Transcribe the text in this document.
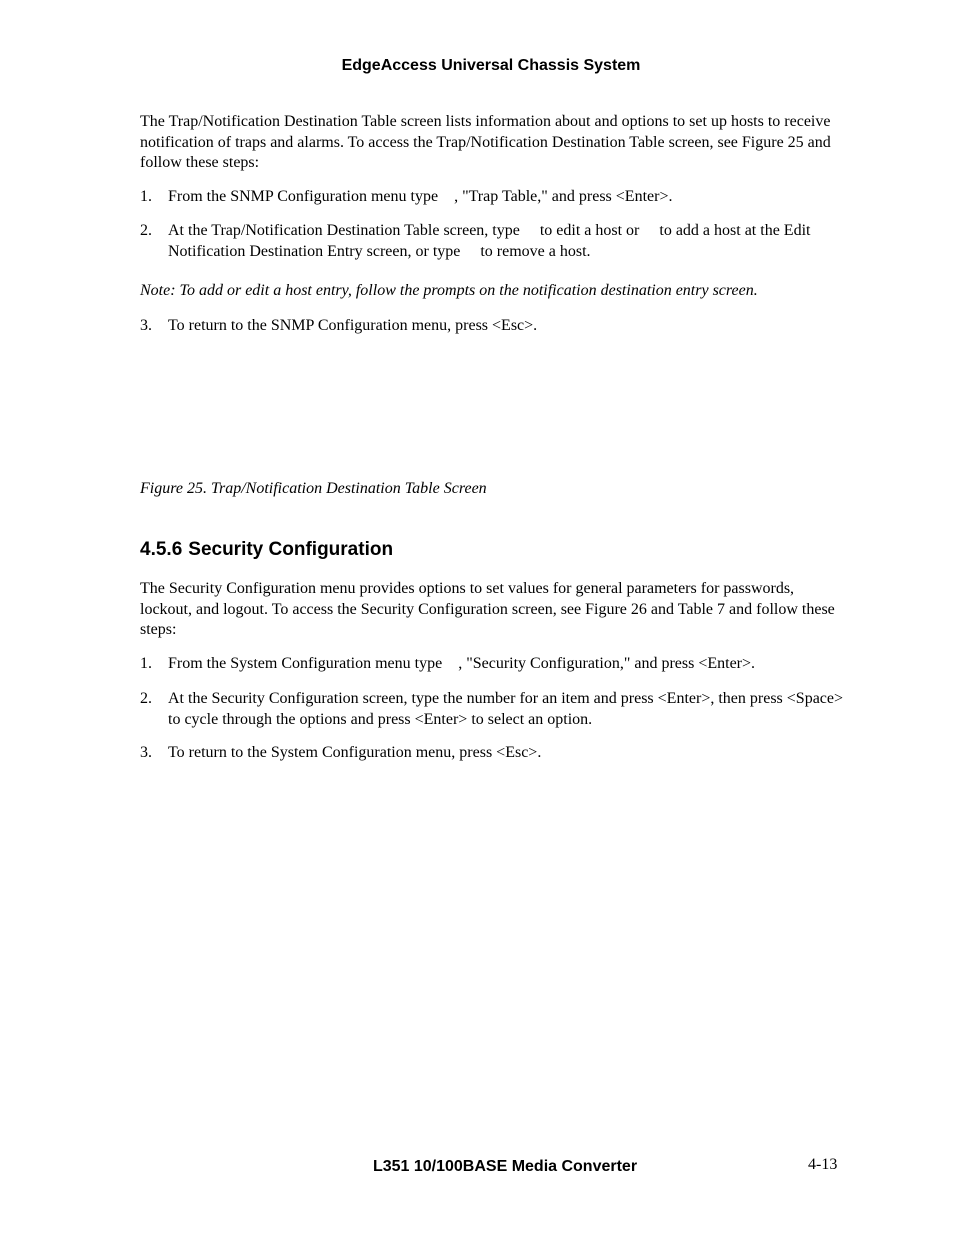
EdgeAccess Universal Chassis System

The Trap/Notification Destination Table screen lists information about and options to set up hosts to receive notification of traps and alarms. To access the Trap/Notification Destination Table screen, see Figure 25 and follow these steps:

1.	From the SNMP Configuration menu type    , "Trap Table," and press <Enter>.
2.	At the Trap/Notification Destination Table screen, type     to edit a host or     to add a host at the Edit Notification Destination Entry screen, or type     to remove a host.
Note: To add or edit a host entry, follow the prompts on the notification destination entry screen.
3.	To return to the SNMP Configuration menu, press <Esc>.
Figure 25. Trap/Notification Destination Table Screen
4.5.6 Security Configuration

The Security Configuration menu provides options to set values for general parameters for passwords, lockout, and logout. To access the Security Configuration screen, see Figure 26 and Table 7 and follow these steps:

1.	From the System Configuration menu type    , "Security Configuration," and press <Enter>.
2.	At the Security Configuration screen, type the number for an item and press <Enter>, then press <Space> to cycle through the options and press <Enter> to select an option.
3.	To return to the System Configuration menu, press <Esc>.
L351 10/100BASE Media Converter	4-13
